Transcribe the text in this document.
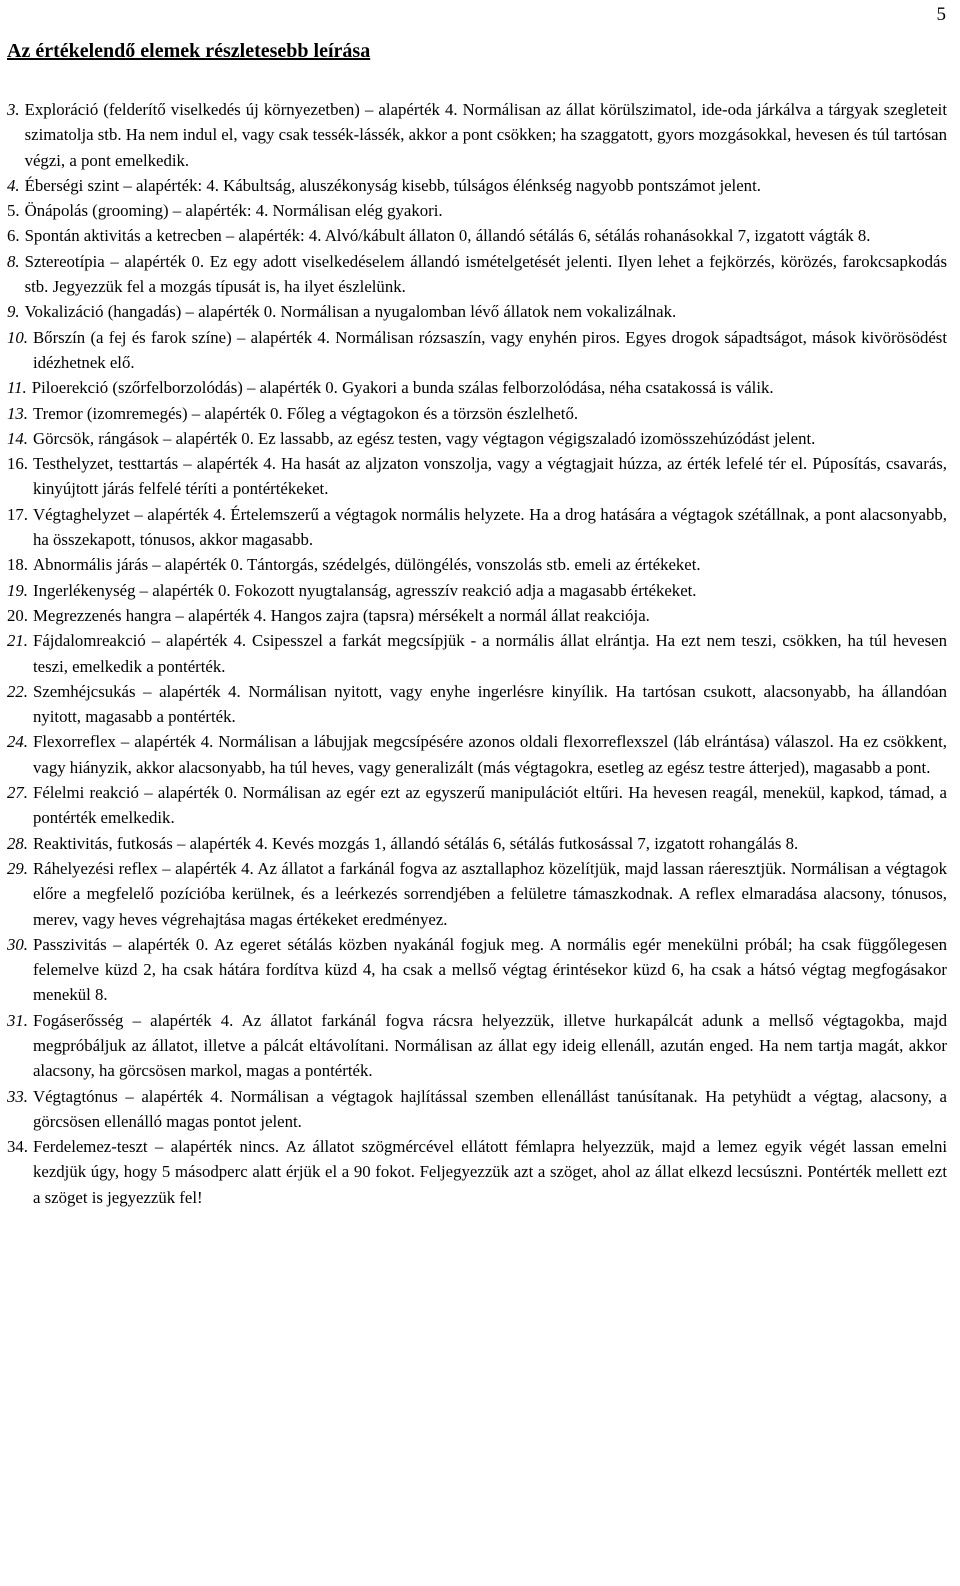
5
Az értékelendő elemek részletesebb leírása
3. Exploráció (felderítő viselkedés új környezetben) – alapérték 4. Normálisan az állat körülszimatol, ide-oda járkálva a tárgyak szegleteit szimatolja stb. Ha nem indul el, vagy csak tessék-lássék, akkor a pont csökken; ha szaggatott, gyors mozgásokkal, hevesen és túl tartósan végzi, a pont emelkedik.
4. Éberségi szint – alapérték: 4. Kábultság, aluszékonyság kisebb, túlságos élénkség nagyobb pontszámot jelent.
5. Önápolás (grooming) – alapérték: 4. Normálisan elég gyakori.
6. Spontán aktivitás a ketrecben – alapérték: 4. Alvó/kábult állaton 0, állandó sétálás 6, sétálás rohanásokkal 7, izgatott vágták 8.
8. Sztereotípia – alapérték 0. Ez egy adott viselkedéselem állandó ismételgetését jelenti. Ilyen lehet a fejkörzés, körözés, farokcsapkodás stb. Jegyezzük fel a mozgás típusát is, ha ilyet észlelünk.
9. Vokalizáció (hangadás) – alapérték 0. Normálisan a nyugalomban lévő állatok nem vokalizálnak.
10. Bőrszín (a fej és farok színe) – alapérték 4. Normálisan rózsaszín, vagy enyhén piros. Egyes drogok sápadtságot, mások kivörösödést idézhetnek elő.
11. Piloerekció (szőrfelborzolódás) – alapérték 0. Gyakori a bunda szálas felborzolódása, néha csatakossá is válik.
13. Tremor (izomremegés) – alapérték 0. Főleg a végtagokon és a törzsön észlelhető.
14. Görcsök, rángások – alapérték 0. Ez lassabb, az egész testen, vagy végtagon végigszaladó izomösszehúzódást jelent.
16. Testhelyzet, testtartás – alapérték 4. Ha hasát az aljzaton vonszolja, vagy a végtagjait húzza, az érték lefelé tér el. Púposítás, csavarás, kinyújtott járás felfelé téríti a pontértékeket.
17. Végtaghelyzet – alapérték 4. Értelemszerű a végtagok normális helyzete. Ha a drog hatására a végtagok szétállnak, a pont alacsonyabb, ha összekapott, tónusos, akkor magasabb.
18. Abnormális járás – alapérték 0. Tántorgás, szédelgés, dülöngélés, vonszolás stb. emeli az értékeket.
19. Ingerlékenység – alapérték 0. Fokozott nyugtalanság, agresszív reakció adja a magasabb értékeket.
20. Megrezzenés hangra – alapérték 4. Hangos zajra (tapsra) mérsékelt a normál állat reakciója.
21. Fájdalomreakció – alapérték 4. Csipesszel a farkát megcsípjük - a normális állat elrántja. Ha ezt nem teszi, csökken, ha túl hevesen teszi, emelkedik a pontérték.
22. Szemhéjcsukás – alapérték 4. Normálisan nyitott, vagy enyhe ingerlésre kinyílik. Ha tartósan csukott, alacsonyabb, ha állandóan nyitott, magasabb a pontérték.
24. Flexorreflex – alapérték 4. Normálisan a lábujjak megcsípésére azonos oldali flexorreflexszel (láb elrántása) válaszol. Ha ez csökkent, vagy hiányzik, akkor alacsonyabb, ha túl heves, vagy generalizált (más végtagokra, esetleg az egész testre átterjed), magasabb a pont.
27. Félelmi reakció – alapérték 0. Normálisan az egér ezt az egyszerű manipulációt eltűri. Ha hevesen reagál, menekül, kapkod, támad, a pontérték emelkedik.
28. Reaktivitás, futkosás – alapérték 4. Kevés mozgás 1, állandó sétálás 6, sétálás futkosással 7, izgatott rohangálás 8.
29. Ráhelyezési reflex – alapérték 4. Az állatot a farkánál fogva az asztallaphoz közelítjük, majd lassan ráeresztjük. Normálisan a végtagok előre a megfelelő pozícióba kerülnek, és a leérkezés sorrendjében a felületre támaszkodnak. A reflex elmaradása alacsony, tónusos, merev, vagy heves végrehajtása magas értékeket eredményez.
30. Passzivitás – alapérték 0. Az egeret sétálás közben nyakánál fogjuk meg. A normális egér menekülni próbál; ha csak függőlegesen felemelve küzd 2, ha csak hátára fordítva küzd 4, ha csak a mellső végtag érintésekor küzd 6, ha csak a hátsó végtag megfogásakor menekül 8.
31. Fogáserősség – alapérték 4. Az állatot farkánál fogva rácsra helyezzük, illetve hurkapálcát adunk a mellső végtagokba, majd megpróbáljuk az állatot, illetve a pálcát eltávolítani. Normálisan az állat egy ideig ellenáll, azután enged. Ha nem tartja magát, akkor alacsony, ha görcsösen markol, magas a pontérték.
33. Végtagtónus – alapérték 4. Normálisan a végtagok hajlítással szemben ellenállást tanúsítanak. Ha petyhüdt a végtag, alacsony, a görcsösen ellenálló magas pontot jelent.
34. Ferdelemez-teszt – alapérték nincs. Az állatot szögmércével ellátott fémlapra helyezzük, majd a lemez egyik végét lassan emelni kezdjük úgy, hogy 5 másodperc alatt érjük el a 90 fokot. Feljegyezzük azt a szöget, ahol az állat elkezd lecsúszni. Pontérték mellett ezt a szöget is jegyezzük fel!
